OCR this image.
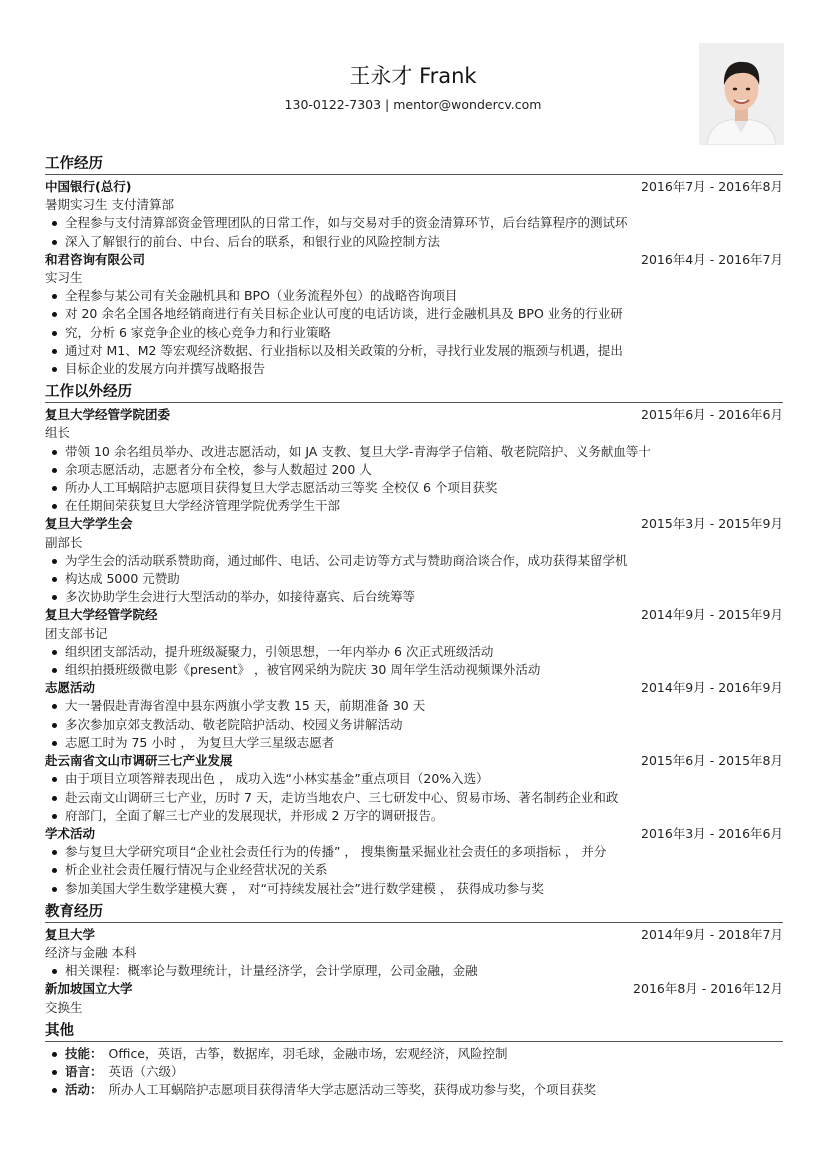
王永才 Frank
130-0122-7303 | mentor@wondercv.com
工作经历
中国银行(总行)	2016年7月 - 2016年8月
暑期实习生 支付清算部
全程参与支付清算部资金管理团队的日常工作，如与交易对手的资金清算环节，后台结算程序的测试环
深入了解银行的前台、中台、后台的联系，和银行业的风险控制方法
和君咨询有限公司	2016年4月 - 2016年7月
实习生
全程参与某公司有关金融机具和 BPO（业务流程外包）的战略咨询项目
对 20 余名全国各地经销商进行有关目标企业认可度的电话访谈，进行金融机具及 BPO 业务的行业研
究，分析 6 家竞争企业的核心竞争力和行业策略
通过对 M1、M2 等宏观经济数据、行业指标以及相关政策的分析，寻找行业发展的瓶颈与机遇，提出
目标企业的发展方向并撰写战略报告
工作以外经历
复旦大学经管学院团委	2015年6月 - 2016年6月
组长
带领 10 余名组员举办、改进志愿活动，如 JA 支教、复旦大学-青海学子信箱、敬老院陪护、义务献血等十
余项志愿活动，志愿者分布全校，参与人数超过 200 人
所办人工耳蜗陪护志愿项目获得复旦大学志愿活动三等奖 全校仅 6 个项目获奖
在任期间荣获复旦大学经济管理学院优秀学生干部
复旦大学学生会	2015年3月 - 2015年9月
副部长
为学生会的活动联系赞助商，通过邮件、电话、公司走访等方式与赞助商洽谈合作，成功获得某留学机
构达成 5000 元赞助
多次协助学生会进行大型活动的举办，如接待嘉宾、后台统筹等
复旦大学经管学院经	2014年9月 - 2015年9月
团支部书记
组织团支部活动，提升班级凝聚力，引领思想，一年内举办 6 次正式班级活动
组织拍摄班级微电影《present》 ，被官网采纳为院庆 30 周年学生活动视频课外活动
志愿活动	2014年9月 - 2016年9月
大一暑假赴青海省湟中县东两旗小学支教 15 天，前期准备 30 天
多次参加京郊支教活动、敬老院陪护活动、校园义务讲解活动
志愿工时为 75 小时 ， 为复旦大学三星级志愿者
赴云南省文山市调研三七产业发展	2015年6月 - 2015年8月
由于项目立项答辩表现出色 ， 成功入选“小林实基金”重点项目（20%入选）
赴云南文山调研三七产业，历时 7 天，走访当地农户、三七研发中心、贸易市场、著名制药企业和政
府部门，全面了解三七产业的发展现状，并形成 2 万字的调研报告。
学术活动	2016年3月 - 2016年6月
参与复旦大学研究项目“企业社会责任行为的传播” ， 搜集衡量采掘业社会责任的多项指标 ， 并分
析企业社会责任履行情况与企业经营状况的关系
参加美国大学生数学建模大赛 ， 对“可持续发展社会”进行数学建模 ， 获得成功参与奖
教育经历
复旦大学	2014年9月 - 2018年7月
经济与金融 本科
相关课程：概率论与数理统计，计量经济学，会计学原理，公司金融，金融
新加坡国立大学	2016年8月 - 2016年12月
交换生
其他
技能： Office，英语，古筝，数据库，羽毛球，金融市场，宏观经济，风险控制
语言： 英语（六级）
活动： 所办人工耳蜗陪护志愿项目获得清华大学志愿活动三等奖，获得成功参与奖，个项目获奖
